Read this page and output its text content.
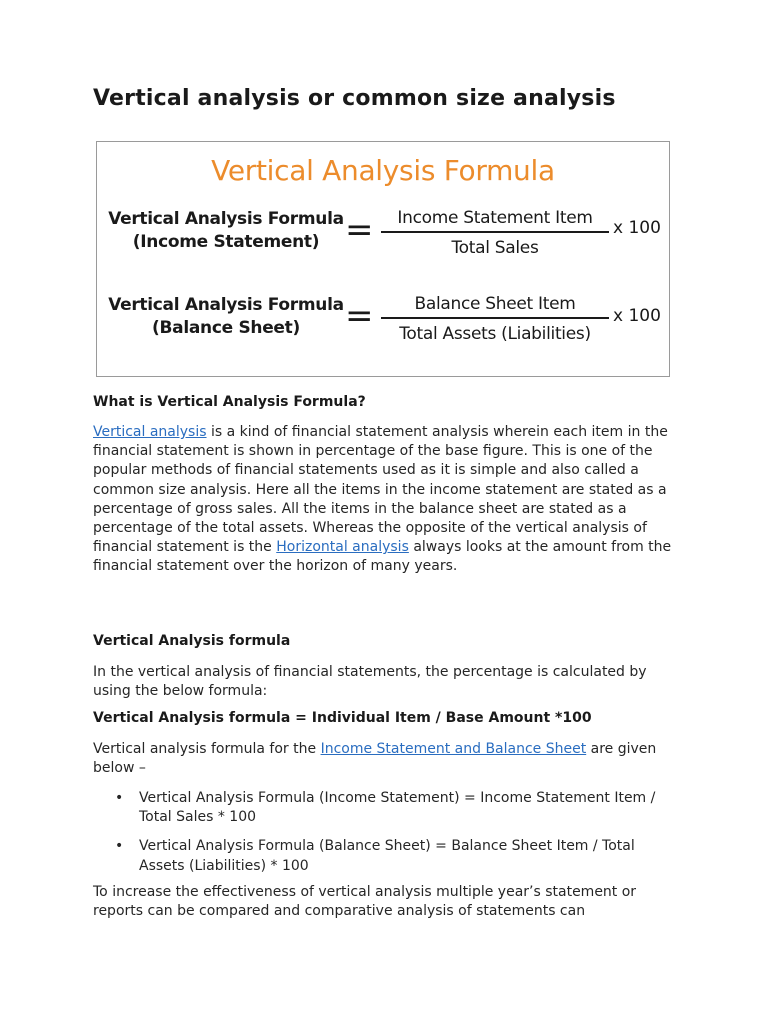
Vertical analysis or common size analysis
Vertical Analysis Formula
Vertical Analysis Formula
(Income Statement) =	Income Statement Item
Total Sales
x 100
Vertical Analysis Formula
(Balance Sheet)	=	Balance Sheet Item
Total Assets (Liabilities)
x 100
What is Vertical Analysis Formula?

Vertical analysis is a kind of financial statement analysis wherein each item in the financial statement is shown in percentage of the base figure. This is one of the popular methods of financial statements used as it is simple and also called a common size analysis. Here all the items in the income statement are stated as a percentage of gross sales. All the items in the balance sheet are stated as a percentage of the total assets. Whereas the opposite of the vertical analysis of financial statement is the Horizontal analysis always looks at the amount from the financial statement over the horizon of many years.

Vertical Analysis formula

In the vertical analysis of financial statements, the percentage is calculated by using the below formula:

Vertical Analysis formula = Individual Item / Base Amount *100

Vertical analysis formula for the Income Statement and Balance Sheet are given below –

• Vertical Analysis Formula (Income Statement) = Income Statement Item / Total Sales * 100
• Vertical Analysis Formula (Balance Sheet) = Balance Sheet Item / Total Assets (Liabilities) * 100

To increase the effectiveness of vertical analysis multiple year’s statement or reports can be compared and comparative analysis of statements can
